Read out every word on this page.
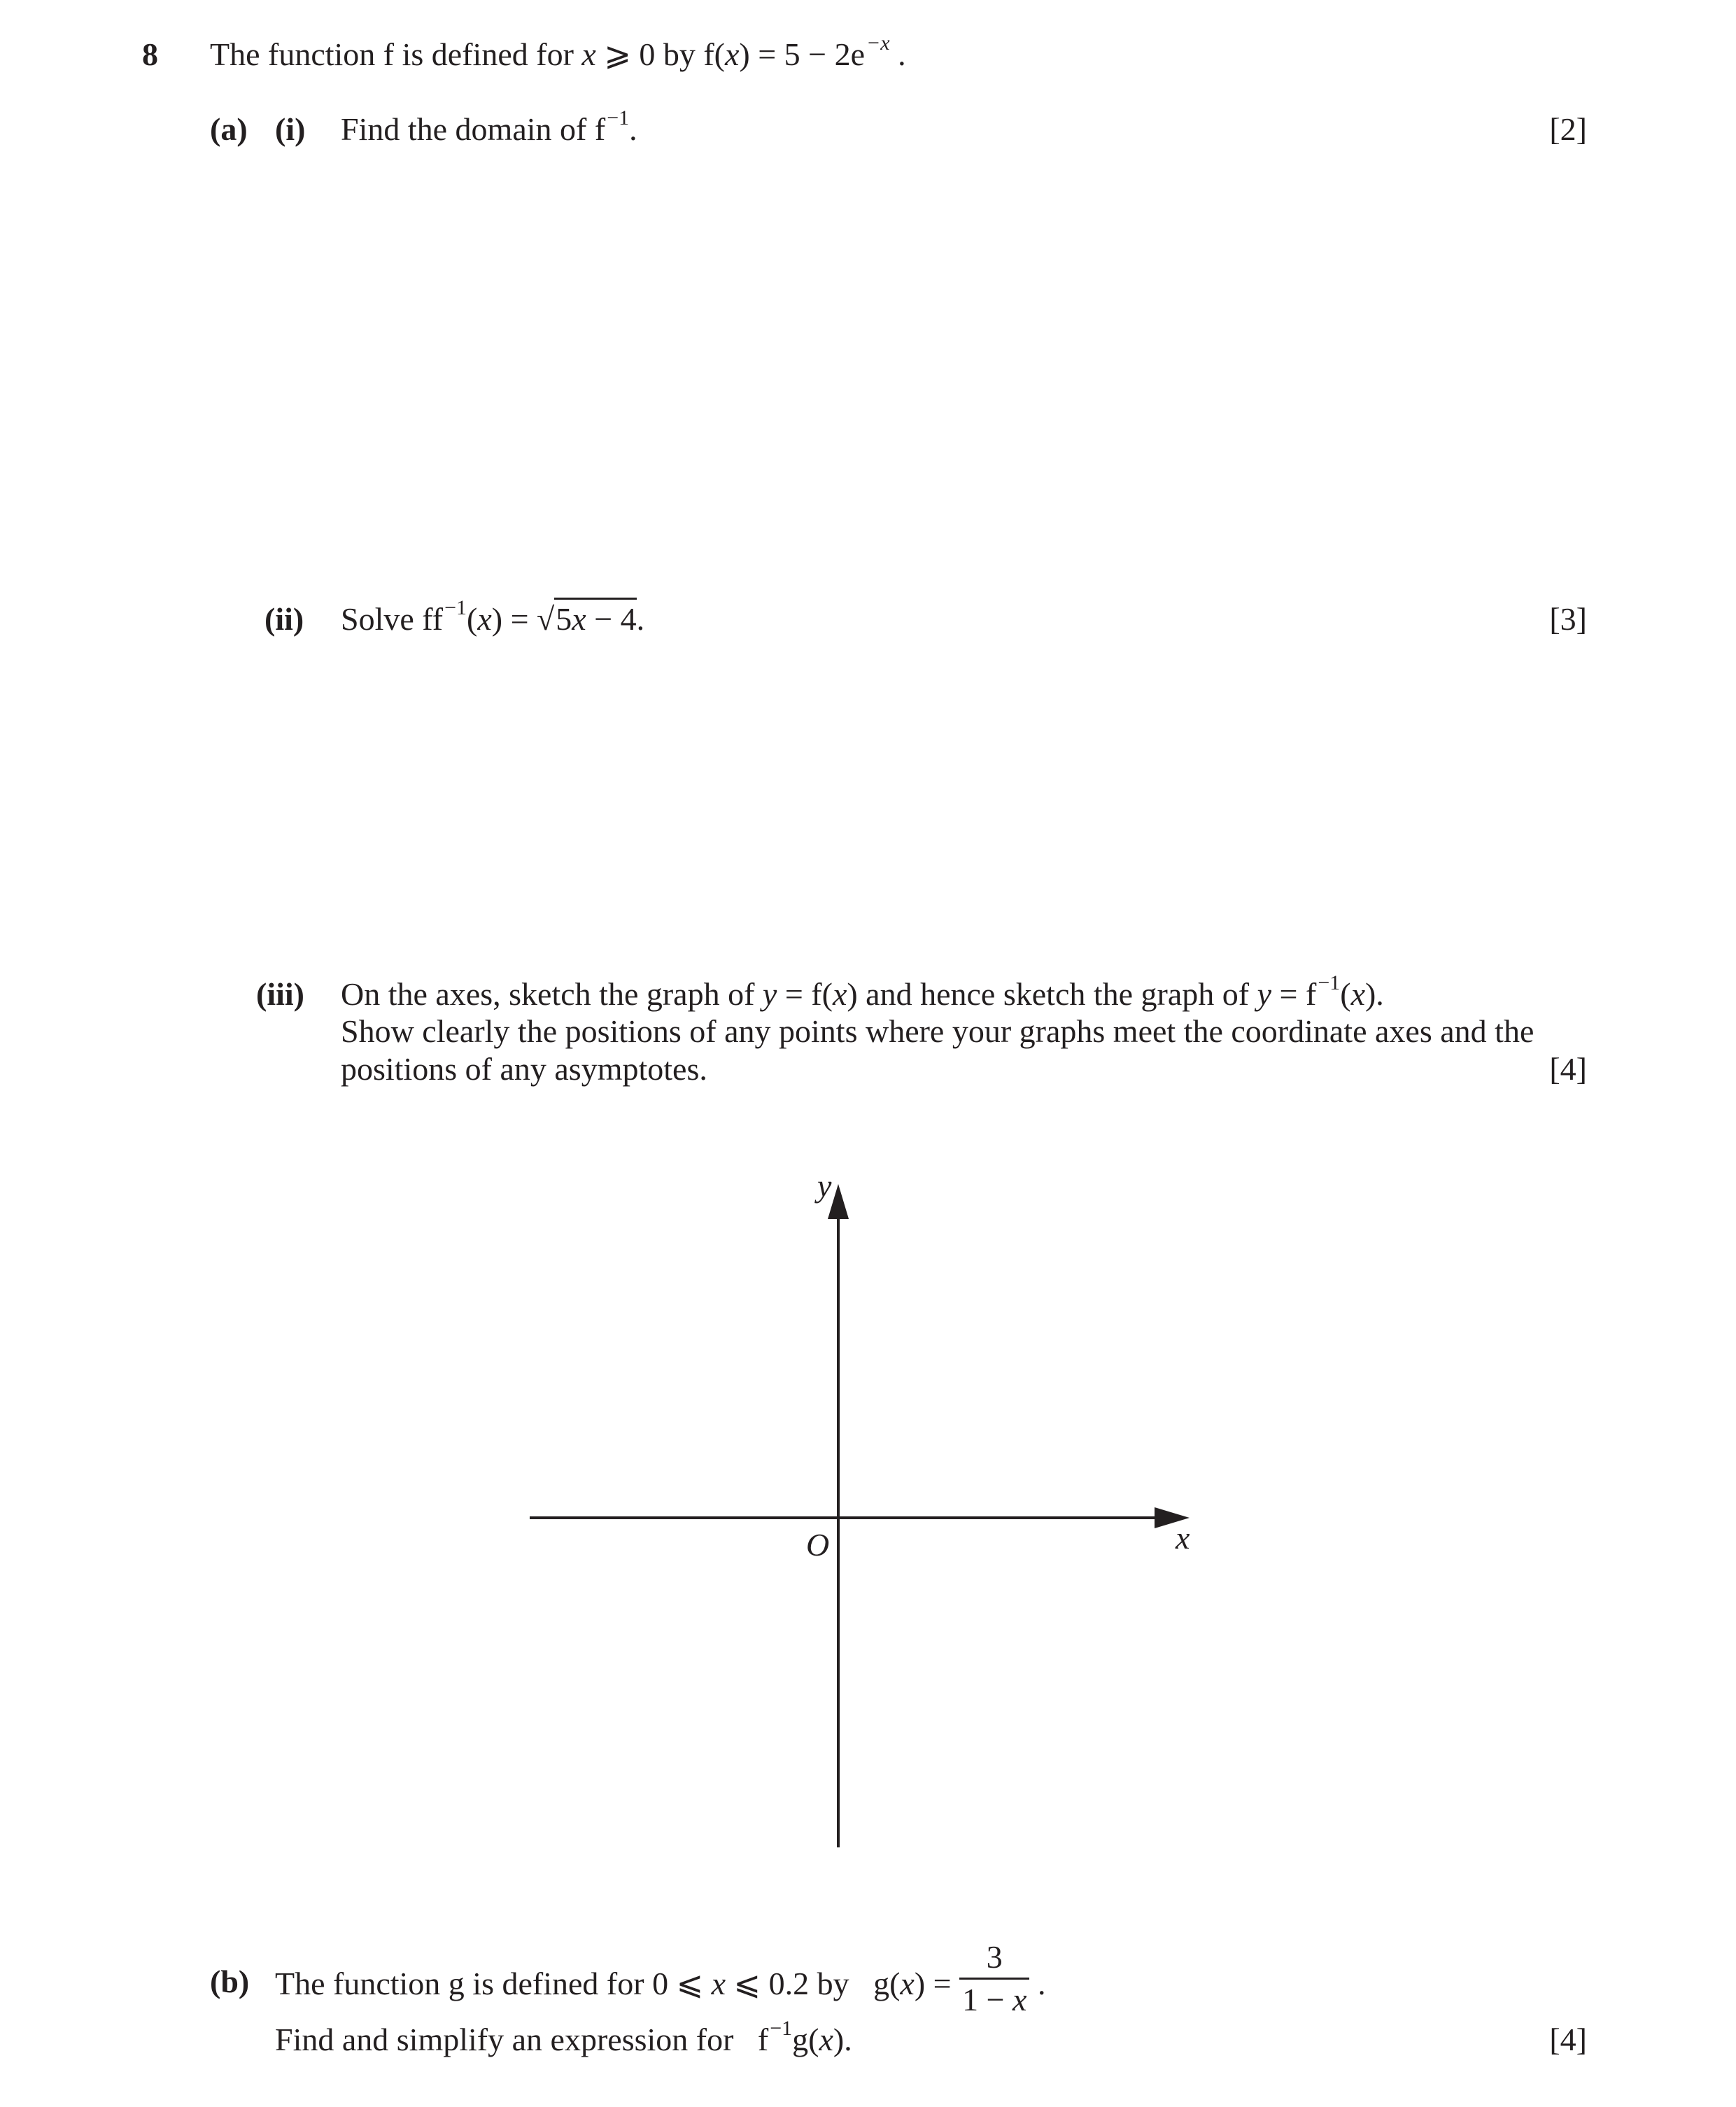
8 The function f is defined for x ⩾ 0 by $f(x) = 5 - 2e^{-x}$ .
(a) (i) Find the domain of $f^{-1}$.	[2]
(ii) Solve $ff^{-1}(x) = √5x - 4$.	[3]
(iii) On the axes, sketch the graph of y = f(x) and hence sketch the graph of $y = f^{-1}(x)$.
Show clearly the positions of any points where your graphs meet the coordinate axes and the
positions of any asymptotes.	[4]
y
x
O
(b) The function g is defined for 0 ⩽ x ⩽ 0.2 by   g( x ) = $\frac{3}{1 - x}$ .
Find and simplify an expression for   $f^{-1}g(x)$.	[4]
